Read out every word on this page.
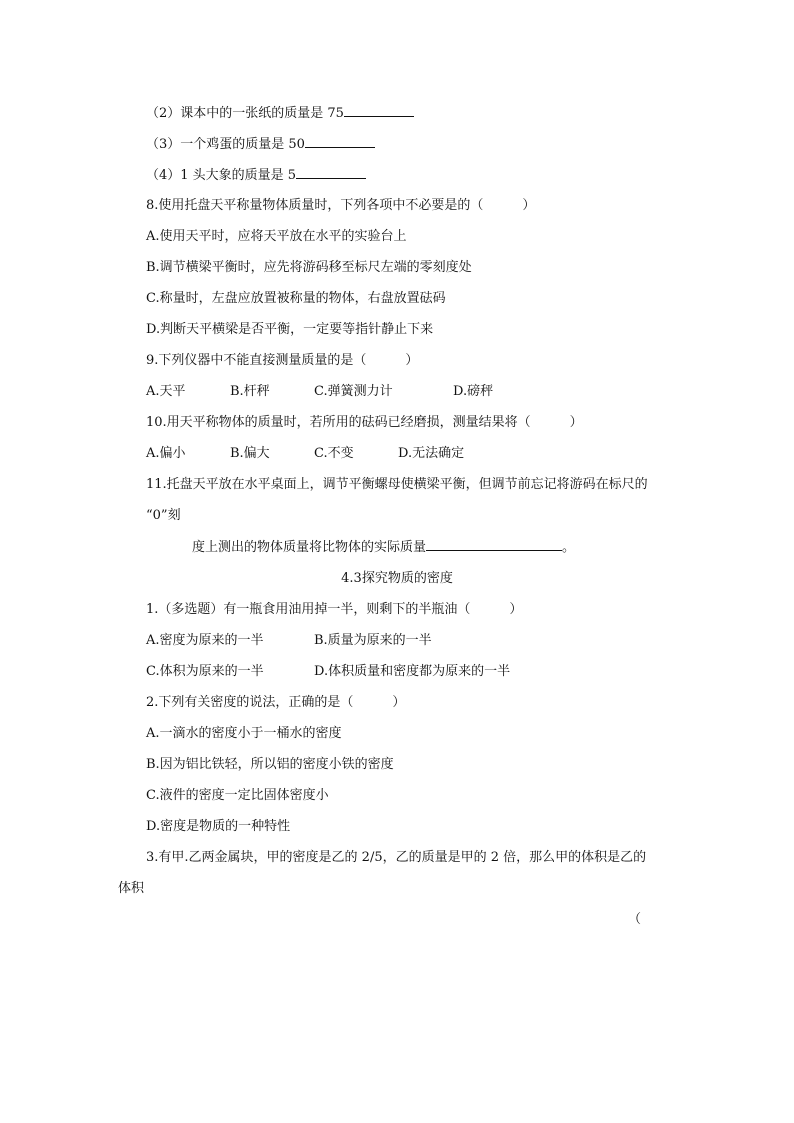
（2）课本中的一张纸的质量是 75
（3）一个鸡蛋的质量是 50
（4）1 头大象的质量是 5
8.使用托盘天平称量物体质量时，下列各项中不必要是的（　　　）
A.使用天平时，应将天平放在水平的实验台上
B.调节横梁平衡时，应先将游码移至标尺左端的零刻度处
C.称量时，左盘应放置被称量的物体，右盘放置砝码
D.判断天平横梁是否平衡，一定要等指针静止下来
9.下列仪器中不能直接测量质量的是（　　　）
A.天平	B.杆秤	C.弹簧测力计	D.磅秤
10.用天平称物体的质量时，若所用的砝码已经磨损，测量结果将（　　　）
A.偏小	B.偏大	C.不变	D.无法确定
11.托盘天平放在水平桌面上，调节平衡螺母使横梁平衡，但调节前忘记将游码在标尺的
“0”刻
度上测出的物体质量将比物体的实际质量	。
4.3探究物质的密度
1.（多选题）有一瓶食用油用掉一半，则剩下的半瓶油（　　　）
A.密度为原来的一半	B.质量为原来的一半
C.体积为原来的一半	D.体积质量和密度都为原来的一半
2.下列有关密度的说法，正确的是（　　　）
A.一滴水的密度小于一桶水的密度
B.因为铝比铁轻，所以铝的密度小铁的密度
C.液件的密度一定比固体密度小
D.密度是物质的一种特性
3.有甲.乙两金属块，甲的密度是乙的 2/5，乙的质量是甲的 2 倍，那么甲的体积是乙的
体积
（
